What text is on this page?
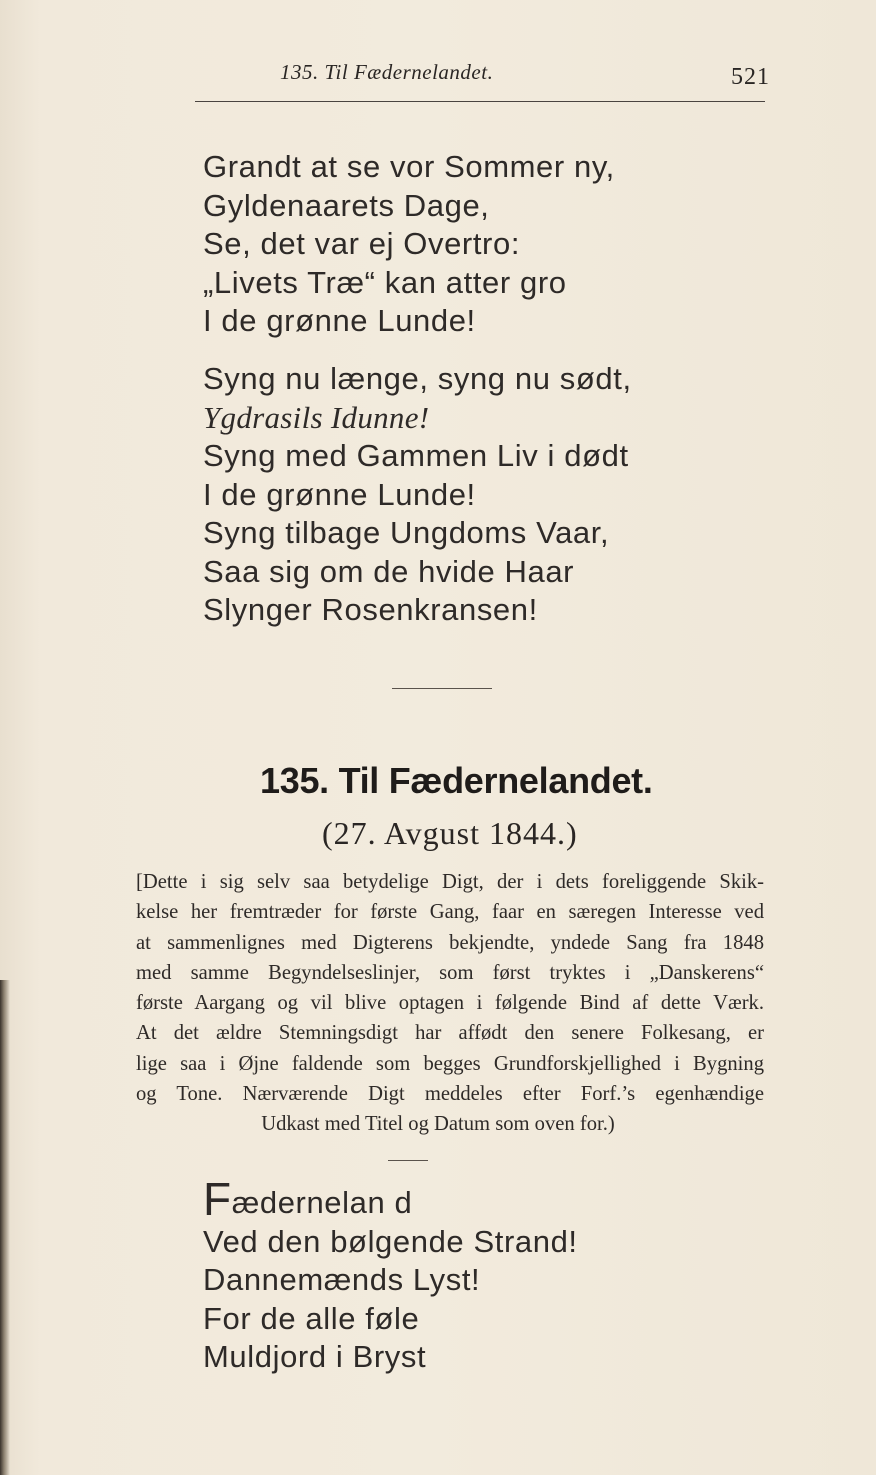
135. Til Fædernelandet.	521
Grandt at se vor Sommer ny,
Gyldenaarets Dage,
Se, det var ej Overtro:
„Livets Træ“ kan atter gro
I de grønne Lunde!
Syng nu længe, syng nu sødt,
Ygdrasils Idunne!
Syng med Gammen Liv i dødt
I de grønne Lunde!
Syng tilbage Ungdoms Vaar,
Saa sig om de hvide Haar
Slynger Rosenkransen!
135. Til Fædernelandet.
(27. Avgust 1844.)
[Dette i sig selv saa betydelige Digt, der i dets foreliggende Skik-
kelse her fremtræder for første Gang, faar en særegen Interesse ved
at sammenlignes med Digterens bekjendte, yndede Sang fra 1848
med samme Begyndelseslinjer, som først tryktes i „Danskerens“
første Aargang og vil blive optagen i følgende Bind af dette Værk.
At det ældre Stemningsdigt har affødt den senere Folkesang, er
lige saa i Øjne faldende som begges Grundforskjellighed i Bygning
og Tone. Nærværende Digt meddeles efter Forf.’s egenhændige
Udkast med Titel og Datum som oven for.)
Fædernelan d
Ved den bølgende Strand!
Dannemænds Lyst!
For de alle føle
Muldjord i Bryst
